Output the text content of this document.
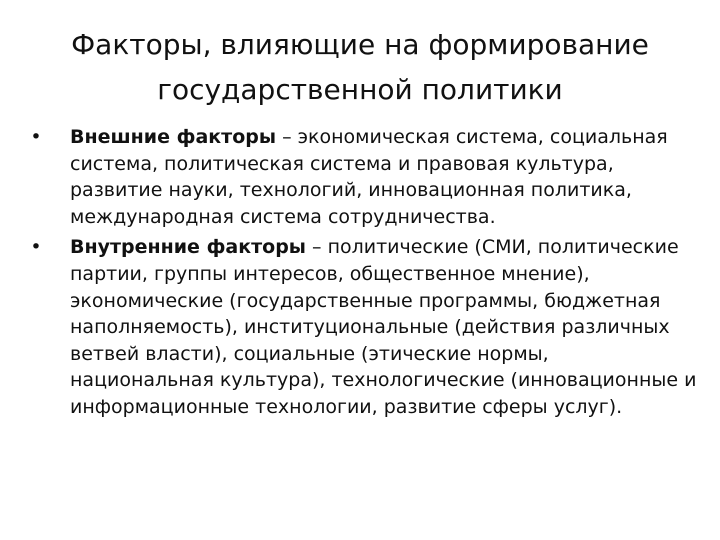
Факторы, влияющие на формирование
государственной политики
• Внешние факторы – экономическая система, социальная система, политическая система и правовая культура, развитие науки, технологий, инновационная политика, международная система сотрудничества.
• Внутренние факторы – политические (СМИ, политические партии, группы интересов, общественное мнение), экономические (государственные программы, бюджетная наполняемость), институциональные (действия различных ветвей власти), социальные (этические нормы, национальная культура), технологические (инновационные и информационные технологии, развитие сферы услуг).
